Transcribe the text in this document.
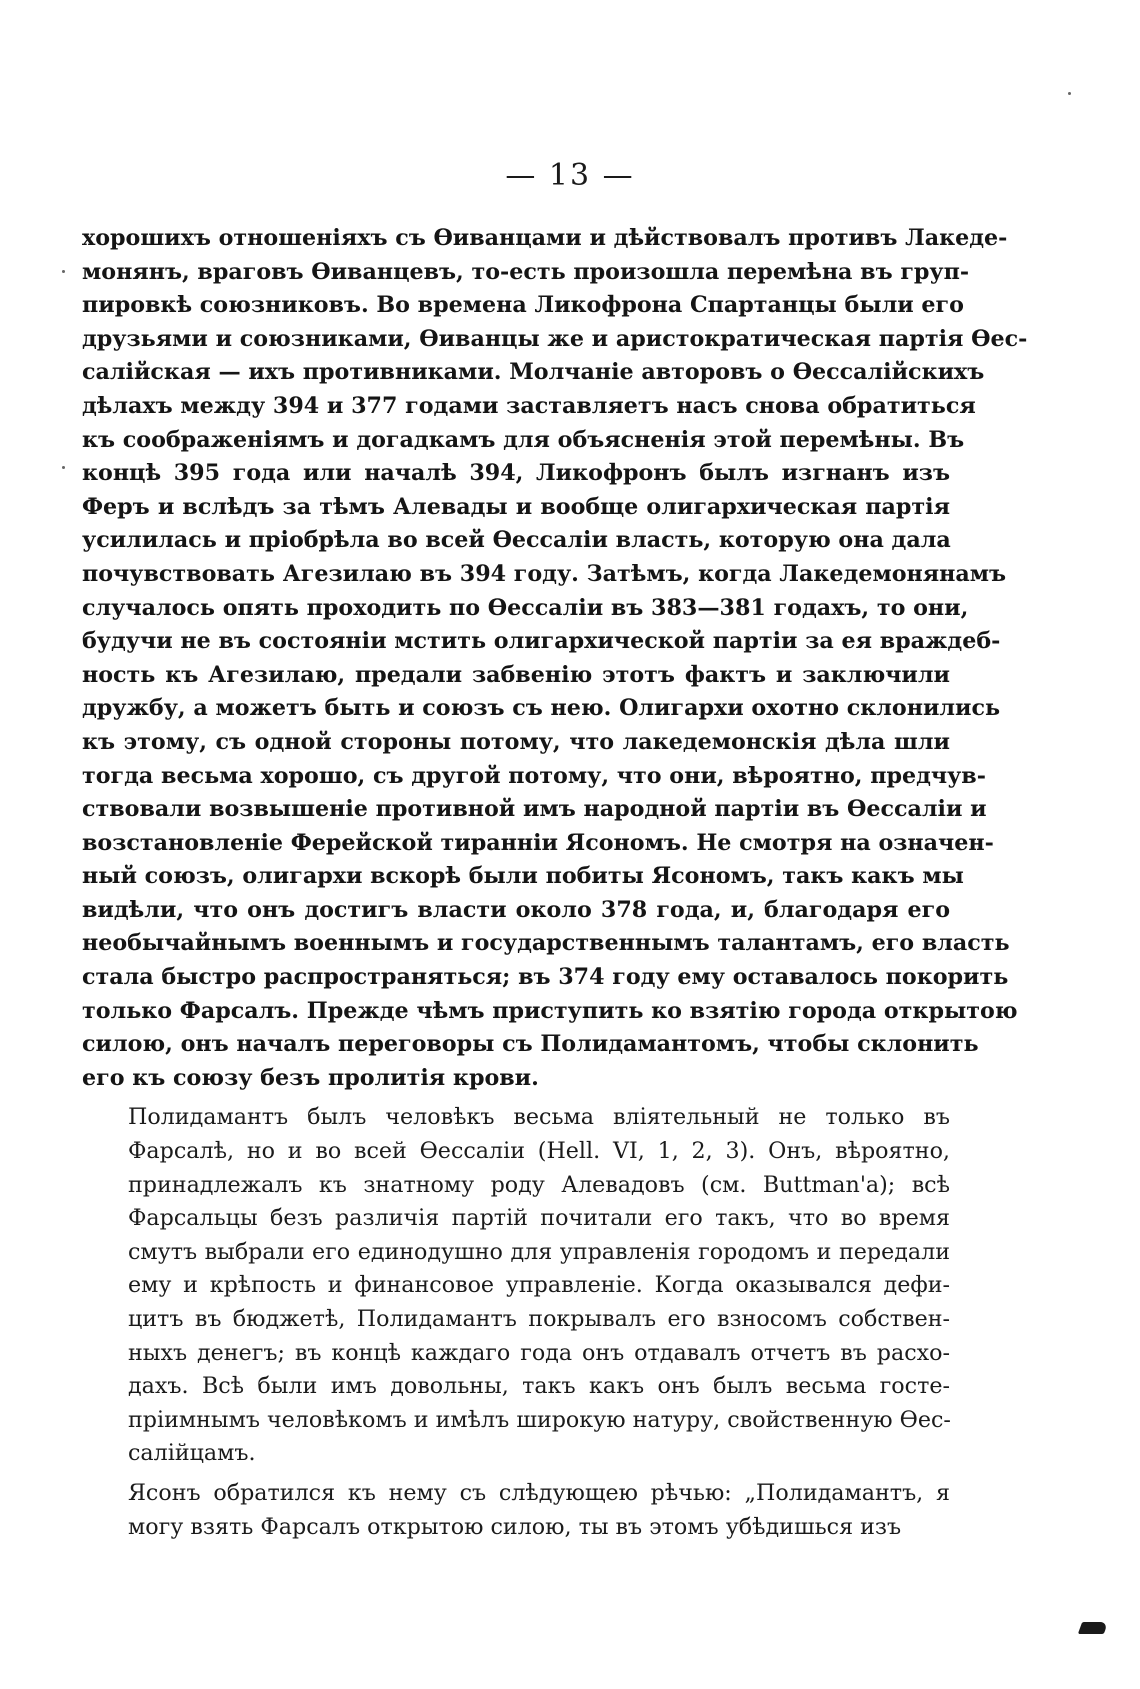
— 13 —

хорошихъ отношеніяхъ съ Ѳиванцами и дѣйствовалъ противъ Лакеде-
монянъ, враговъ Ѳиванцевъ, то-есть произошла перемѣна въ груп-
пировкѣ союзниковъ. Во времена Ликофрона Спартанцы были его
друзьями и союзниками, Ѳиванцы же и аристократическая партія Ѳес-
салійская — ихъ противниками. Молчаніе авторовъ о Ѳессалійскихъ
дѣлахъ между 394 и 377 годами заставляетъ насъ снова обратиться
къ соображеніямъ и догадкамъ для объясненія этой перемѣны. Въ
концѣ 395 года или началѣ 394, Ликофронъ былъ изгнанъ изъ
Феръ и вслѣдъ за тѣмъ Алевады и вообще олигархическая партія
усилилась и пріобрѣла во всей Ѳессаліи власть, которую она дала
почувствовать Агезилаю въ 394 году. Затѣмъ, когда Лакедемонянамъ
случалось опять проходить по Ѳессаліи въ 383—381 годахъ, то они,
будучи не въ состояніи мстить олигархической партіи за ея враждеб-
ность къ Агезилаю, предали забвенію этотъ фактъ и заключили
дружбу, а можетъ быть и союзъ съ нею. Олигархи охотно склонились
къ этому, съ одной стороны потому, что лакедемонскія дѣла шли
тогда весьма хорошо, съ другой потому, что они, вѣроятно, предчув-
ствовали возвышеніе противной имъ народной партіи въ Ѳессаліи и
возстановленіе Ферейской тиранніи Ясономъ. Не смотря на означен-
ный союзъ, олигархи вскорѣ были побиты Ясономъ, такъ какъ мы
видѣли, что онъ достигъ власти около 378 года, и, благодаря его
необычайнымъ военнымъ и государственнымъ талантамъ, его власть
стала быстро распространяться; въ 374 году ему оставалось покорить
только Фарсалъ. Прежде чѣмъ приступить ко взятію города открытою
силою, онъ началъ переговоры съ Полидамантомъ, чтобы склонить
его къ союзу безъ пролитія крови.

Полидамантъ былъ человѣкъ весьма вліятельный не только въ
Фарсалѣ, но и во всей Ѳессаліи (Hell. VI, 1, 2, 3). Онъ, вѣроятно,
принадлежалъ къ знатному роду Алевадовъ (см. Buttman'a); всѣ
Фарсальцы безъ различія партій почитали его такъ, что во время
смутъ выбрали его единодушно для управленія городомъ и передали
ему и крѣпость и финансовое управленіе. Когда оказывался дефи-
цитъ въ бюджетѣ, Полидамантъ покрывалъ его взносомъ собствен-
ныхъ денегъ; въ концѣ каждаго года онъ отдавалъ отчетъ въ расхо-
дахъ. Всѣ были имъ довольны, такъ какъ онъ былъ весьма госте-
пріимнымъ человѣкомъ и имѣлъ широкую натуру, свойственную Ѳес-
салійцамъ.

Ясонъ обратился къ нему съ слѣдующею рѣчью: „Полидамантъ, я
могу взять Фарсалъ открытою силою, ты въ этомъ убѣдишься изъ
